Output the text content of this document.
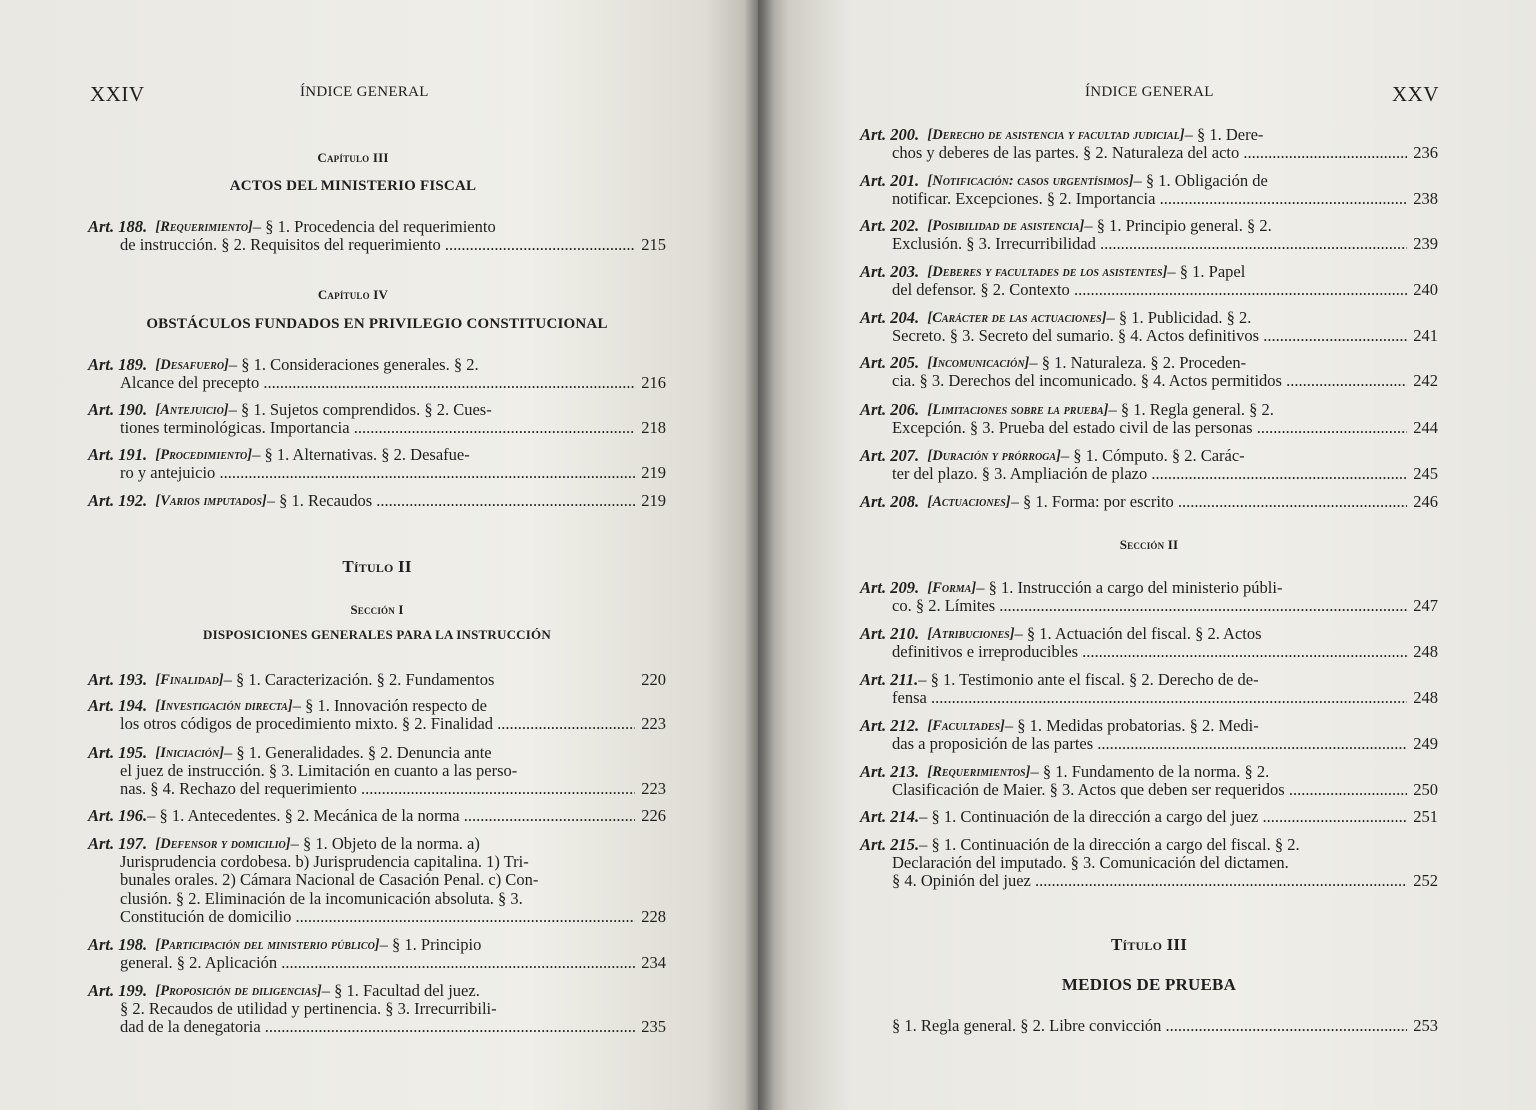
XXIV	ÍNDICE GENERAL
Capítulo III
ACTOS DEL MINISTERIO FISCAL
Art. 188.
[Requerimiento] – § 1. Procedencia del requerimiento
de instrucción. § 2. Requisitos del requerimiento .....	215
Capítulo IV
OBSTÁCULOS FUNDADOS EN PRIVILEGIO CONSTITUCIONAL
Art. 189.
[Desafuero] – § 1. Consideraciones generales. § 2.
Alcance del precepto .....	216
Art. 190.
[Antejuicio] – § 1. Sujetos comprendidos. § 2. Cues-
tiones terminológicas. Importancia .....	218
Art. 191.
[Procedimiento] – § 1. Alternativas. § 2. Desafue-
ro y antejuicio .....	219
Art. 192.
[Varios imputados] – § 1. Recaudos .....	219
Título II
Sección I
DISPOSICIONES GENERALES PARA LA INSTRUCCIÓN
Art. 193.
[Finalidad] – § 1. Caracterización. § 2. Fundamentos	220
Art. 194.
[Investigación directa] – § 1. Innovación respecto de
los otros códigos de procedimiento mixto. § 2. Finalidad .....	223
Art. 195.
[Iniciación] – § 1. Generalidades. § 2. Denuncia ante
el juez de instrucción. § 3. Limitación en cuanto a las perso-
nas. § 4. Rechazo del requerimiento .....	223
Art. 196. – § 1. Antecedentes. § 2. Mecánica de la norma .....	226
Art. 197.
[Defensor y domicilio] – § 1. Objeto de la norma. a)
Jurisprudencia cordobesa. b) Jurisprudencia capitalina. 1) Tri-
bunales orales. 2) Cámara Nacional de Casación Penal. c) Con-
clusión. § 2. Eliminación de la incomunicación absoluta. § 3.
Constitución de domicilio .....	228
Art. 198.
[Participación del ministerio público] – § 1. Principio
general. § 2. Aplicación .....	234
Art. 199.
[Proposición de diligencias] – § 1. Facultad del juez.
§ 2. Recaudos de utilidad y pertinencia. § 3. Irrecurribili-
dad de la denegatoria .....	235
ÍNDICE GENERAL	XXV
Art. 200.
[Derecho de asistencia y facultad judicial] – § 1. Dere-
chos y deberes de las partes. § 2. Naturaleza del acto .....	236
Art. 201.
[Notificación: casos urgentísimos] – § 1. Obligación de
notificar. Excepciones. § 2. Importancia .....	238
Art. 202.
[Posibilidad de asistencia] – § 1. Principio general. § 2.
Exclusión. § 3. Irrecurribilidad .....	239
Art. 203.
[Deberes y facultades de los asistentes] – § 1. Papel
del defensor. § 2. Contexto .....	240
Art. 204.
[Carácter de las actuaciones] – § 1. Publicidad. § 2.
Secreto. § 3. Secreto del sumario. § 4. Actos definitivos .....	241
Art. 205.
[Incomunicación] – § 1. Naturaleza. § 2. Proceden-
cia. § 3. Derechos del incomunicado. § 4. Actos permitidos .....	242
Art. 206.
[Limitaciones sobre la prueba] – § 1. Regla general. § 2.
Excepción. § 3. Prueba del estado civil de las personas .....	244
Art. 207.
[Duración y prórroga] – § 1. Cómputo. § 2. Carác-
ter del plazo. § 3. Ampliación de plazo .....	245
Art. 208.
[Actuaciones] – § 1. Forma: por escrito .....	246
Sección II
Art. 209.
[Forma] – § 1. Instrucción a cargo del ministerio públi-
co. § 2. Límites .....	247
Art. 210.
[Atribuciones] – § 1. Actuación del fiscal. § 2. Actos
definitivos e irreproducibles .....	248
Art. 211. – § 1. Testimonio ante el fiscal. § 2. Derecho de de-
fensa .....	248
Art. 212.
[Facultades] – § 1. Medidas probatorias. § 2. Medi-
das a proposición de las partes .....	249
Art. 213.
[Requerimientos] – § 1. Fundamento de la norma. § 2.
Clasificación de Maier. § 3. Actos que deben ser requeridos .....	250
Art. 214. – § 1. Continuación de la dirección a cargo del juez .....	251
Art. 215. – § 1. Continuación de la dirección a cargo del fiscal. § 2.
Declaración del imputado. § 3. Comunicación del dictamen.
§ 4. Opinión del juez .....	252
Título III
MEDIOS DE PRUEBA
§ 1. Regla general. § 2. Libre convicción .....	253
